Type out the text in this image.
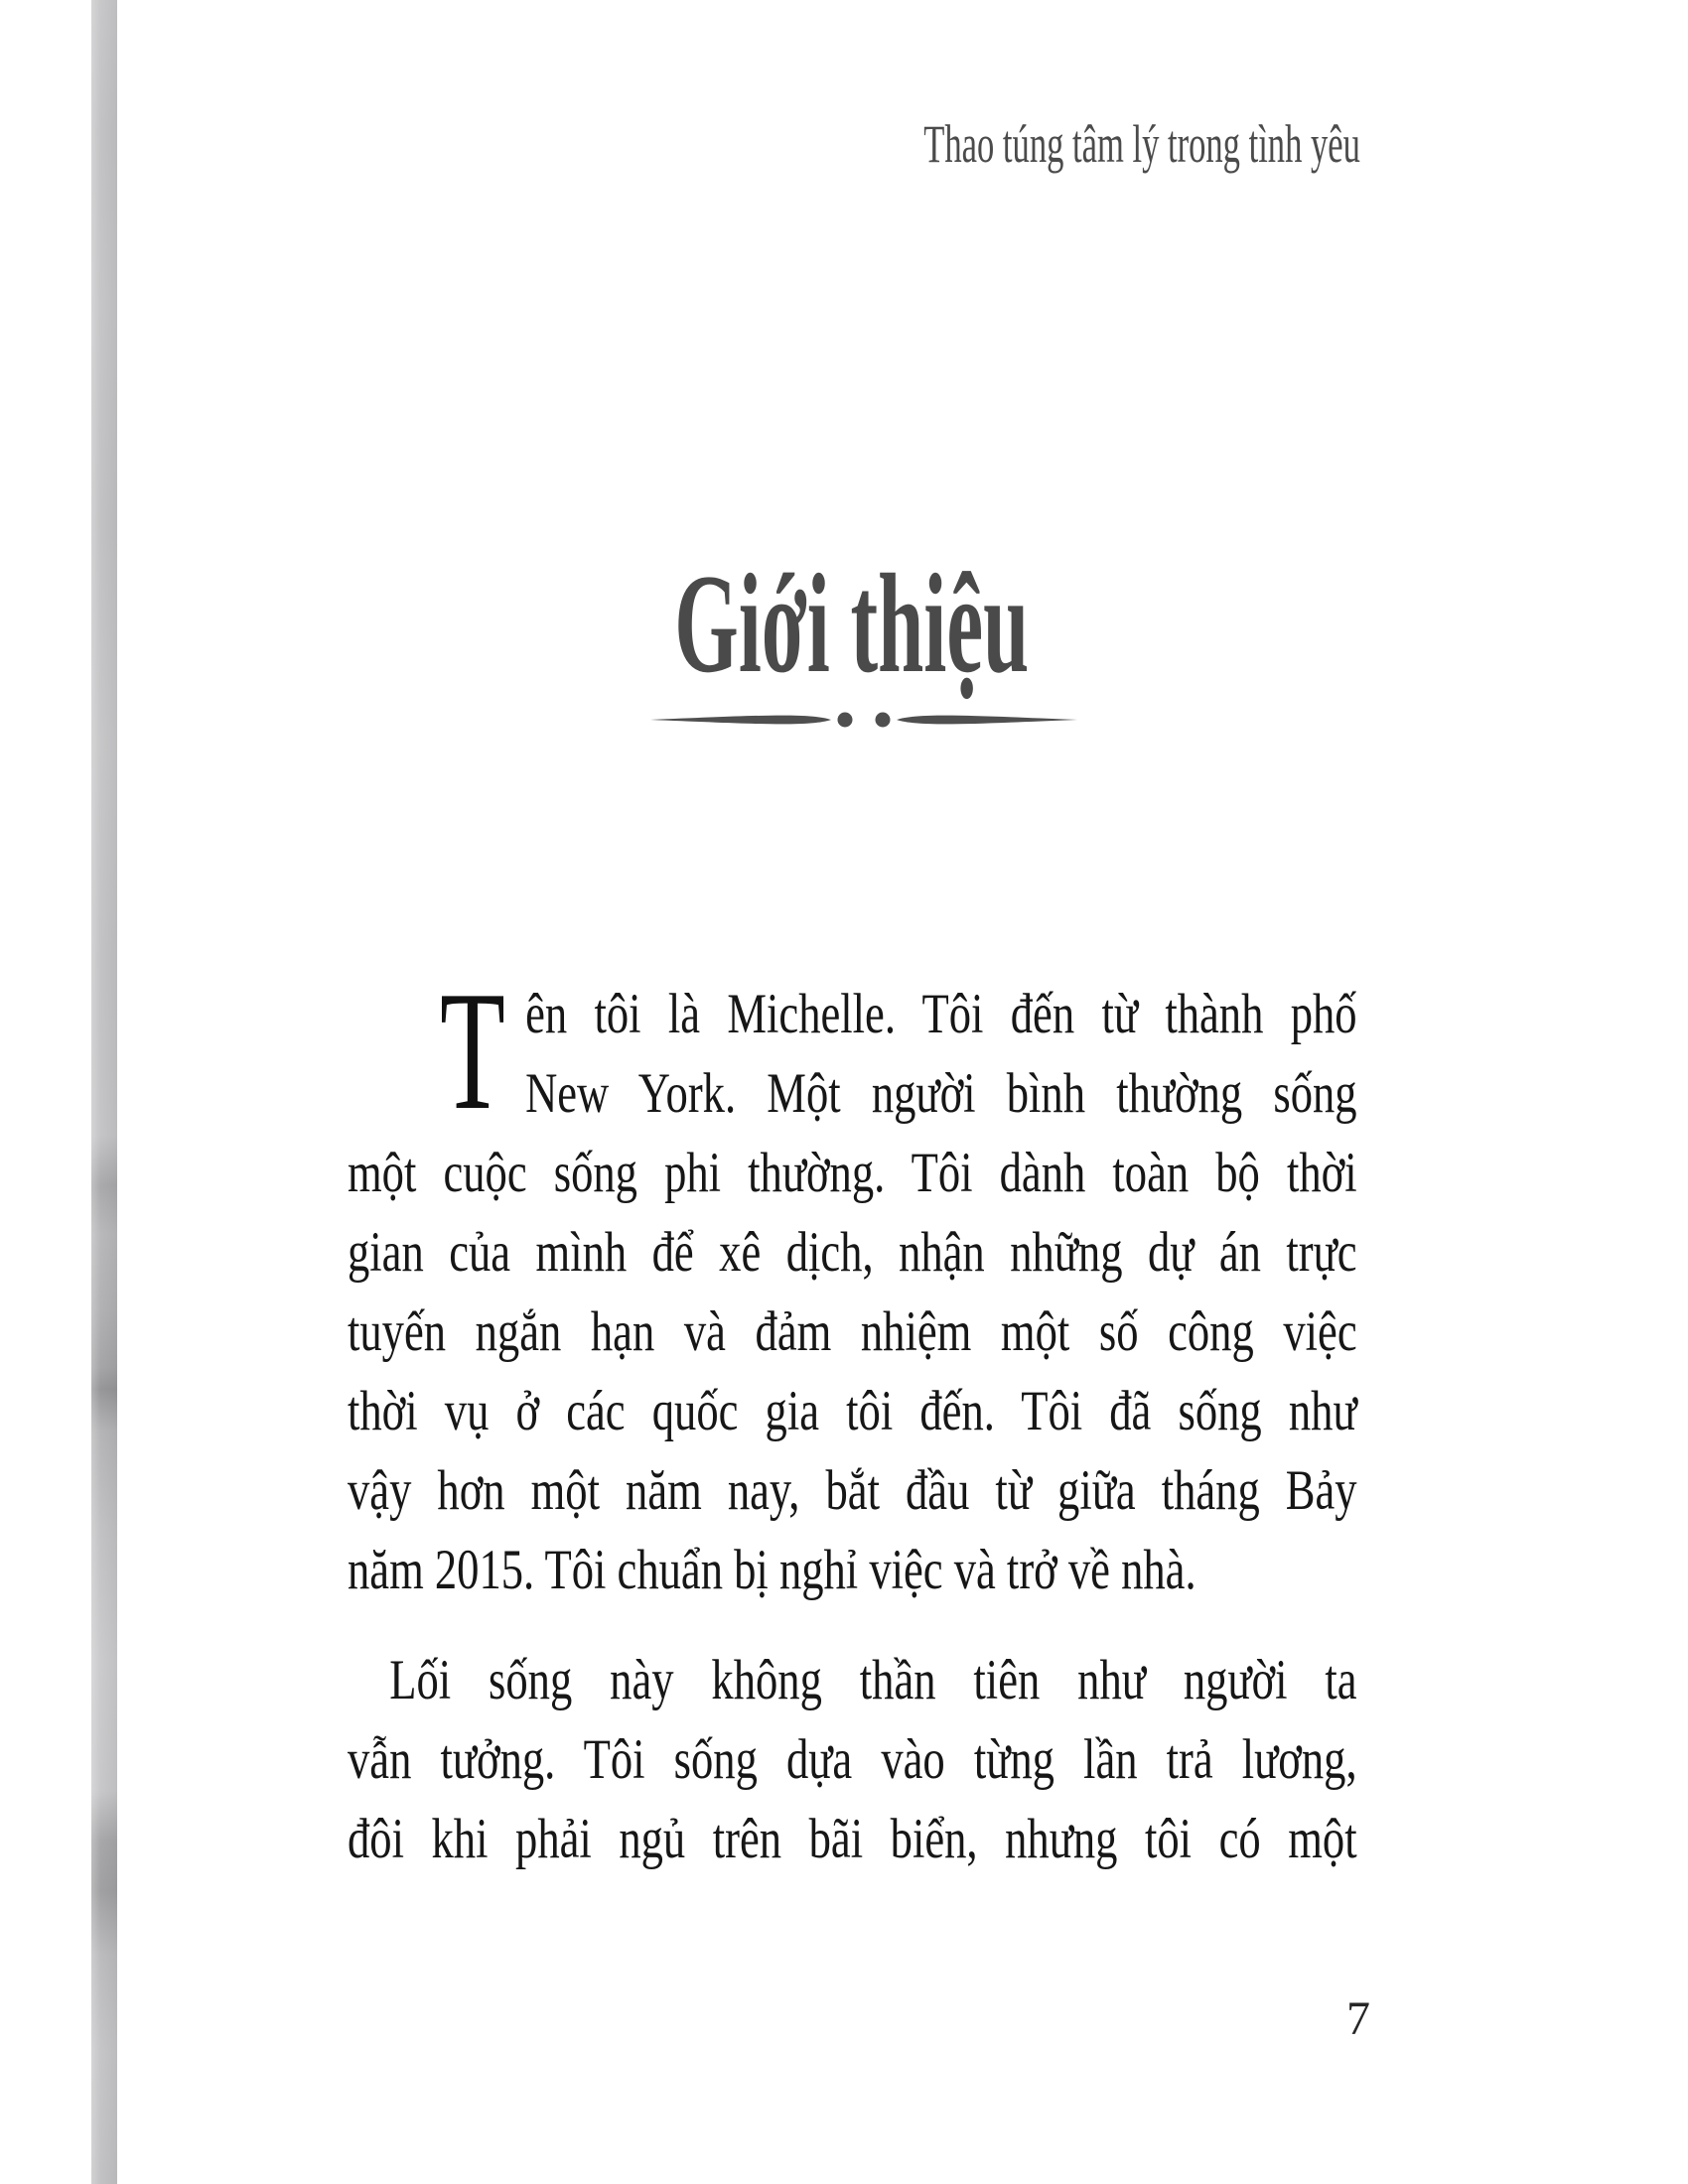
Thao túng tâm lý trong tình yêu
Giới thiệu
T ên tôi là Michelle. Tôi đến từ thành phố
New York. Một người bình thường sống
một cuộc sống phi thường. Tôi dành toàn bộ thời
gian của mình để xê dịch, nhận những dự án trực
tuyến ngắn hạn và đảm nhiệm một số công việc
thời vụ ở các quốc gia tôi đến. Tôi đã sống như
vậy hơn một năm nay, bắt đầu từ giữa tháng Bảy
năm 2015. Tôi chuẩn bị nghỉ việc và trở về nhà.
Lối sống này không thần tiên như người ta
vẫn tưởng. Tôi sống dựa vào từng lần trả lương,
đôi khi phải ngủ trên bãi biển, nhưng tôi có một
7
